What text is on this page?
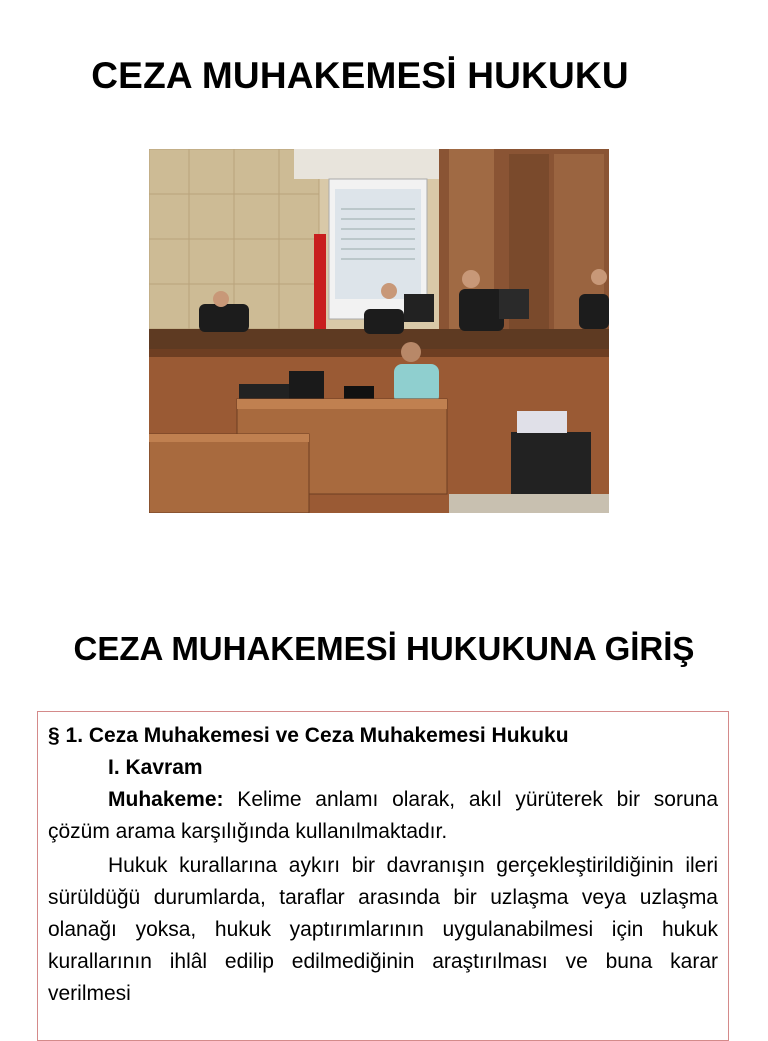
CEZA MUHAKEMESİ HUKUKU
CEZA MUHAKEMESİ HUKUKUNA GİRİŞ

§ 1. Ceza Muhakemesi ve Ceza Muhakemesi Hukuku

I. Kavram

Muhakeme: Kelime anlamı olarak, akıl yürüterek bir soruna çözüm arama karşılığında kullanılmaktadır.

Hukuk kurallarına aykırı bir davranışın gerçekleştirildiğinin ileri sürüldüğü durumlarda, taraflar arasında bir uzlaşma veya uzlaşma olanağı yoksa, hukuk yaptırımlarının uygulanabilmesi için hukuk kurallarının ihlâl edilip edilmediğinin araştırılması ve buna karar verilmesi
